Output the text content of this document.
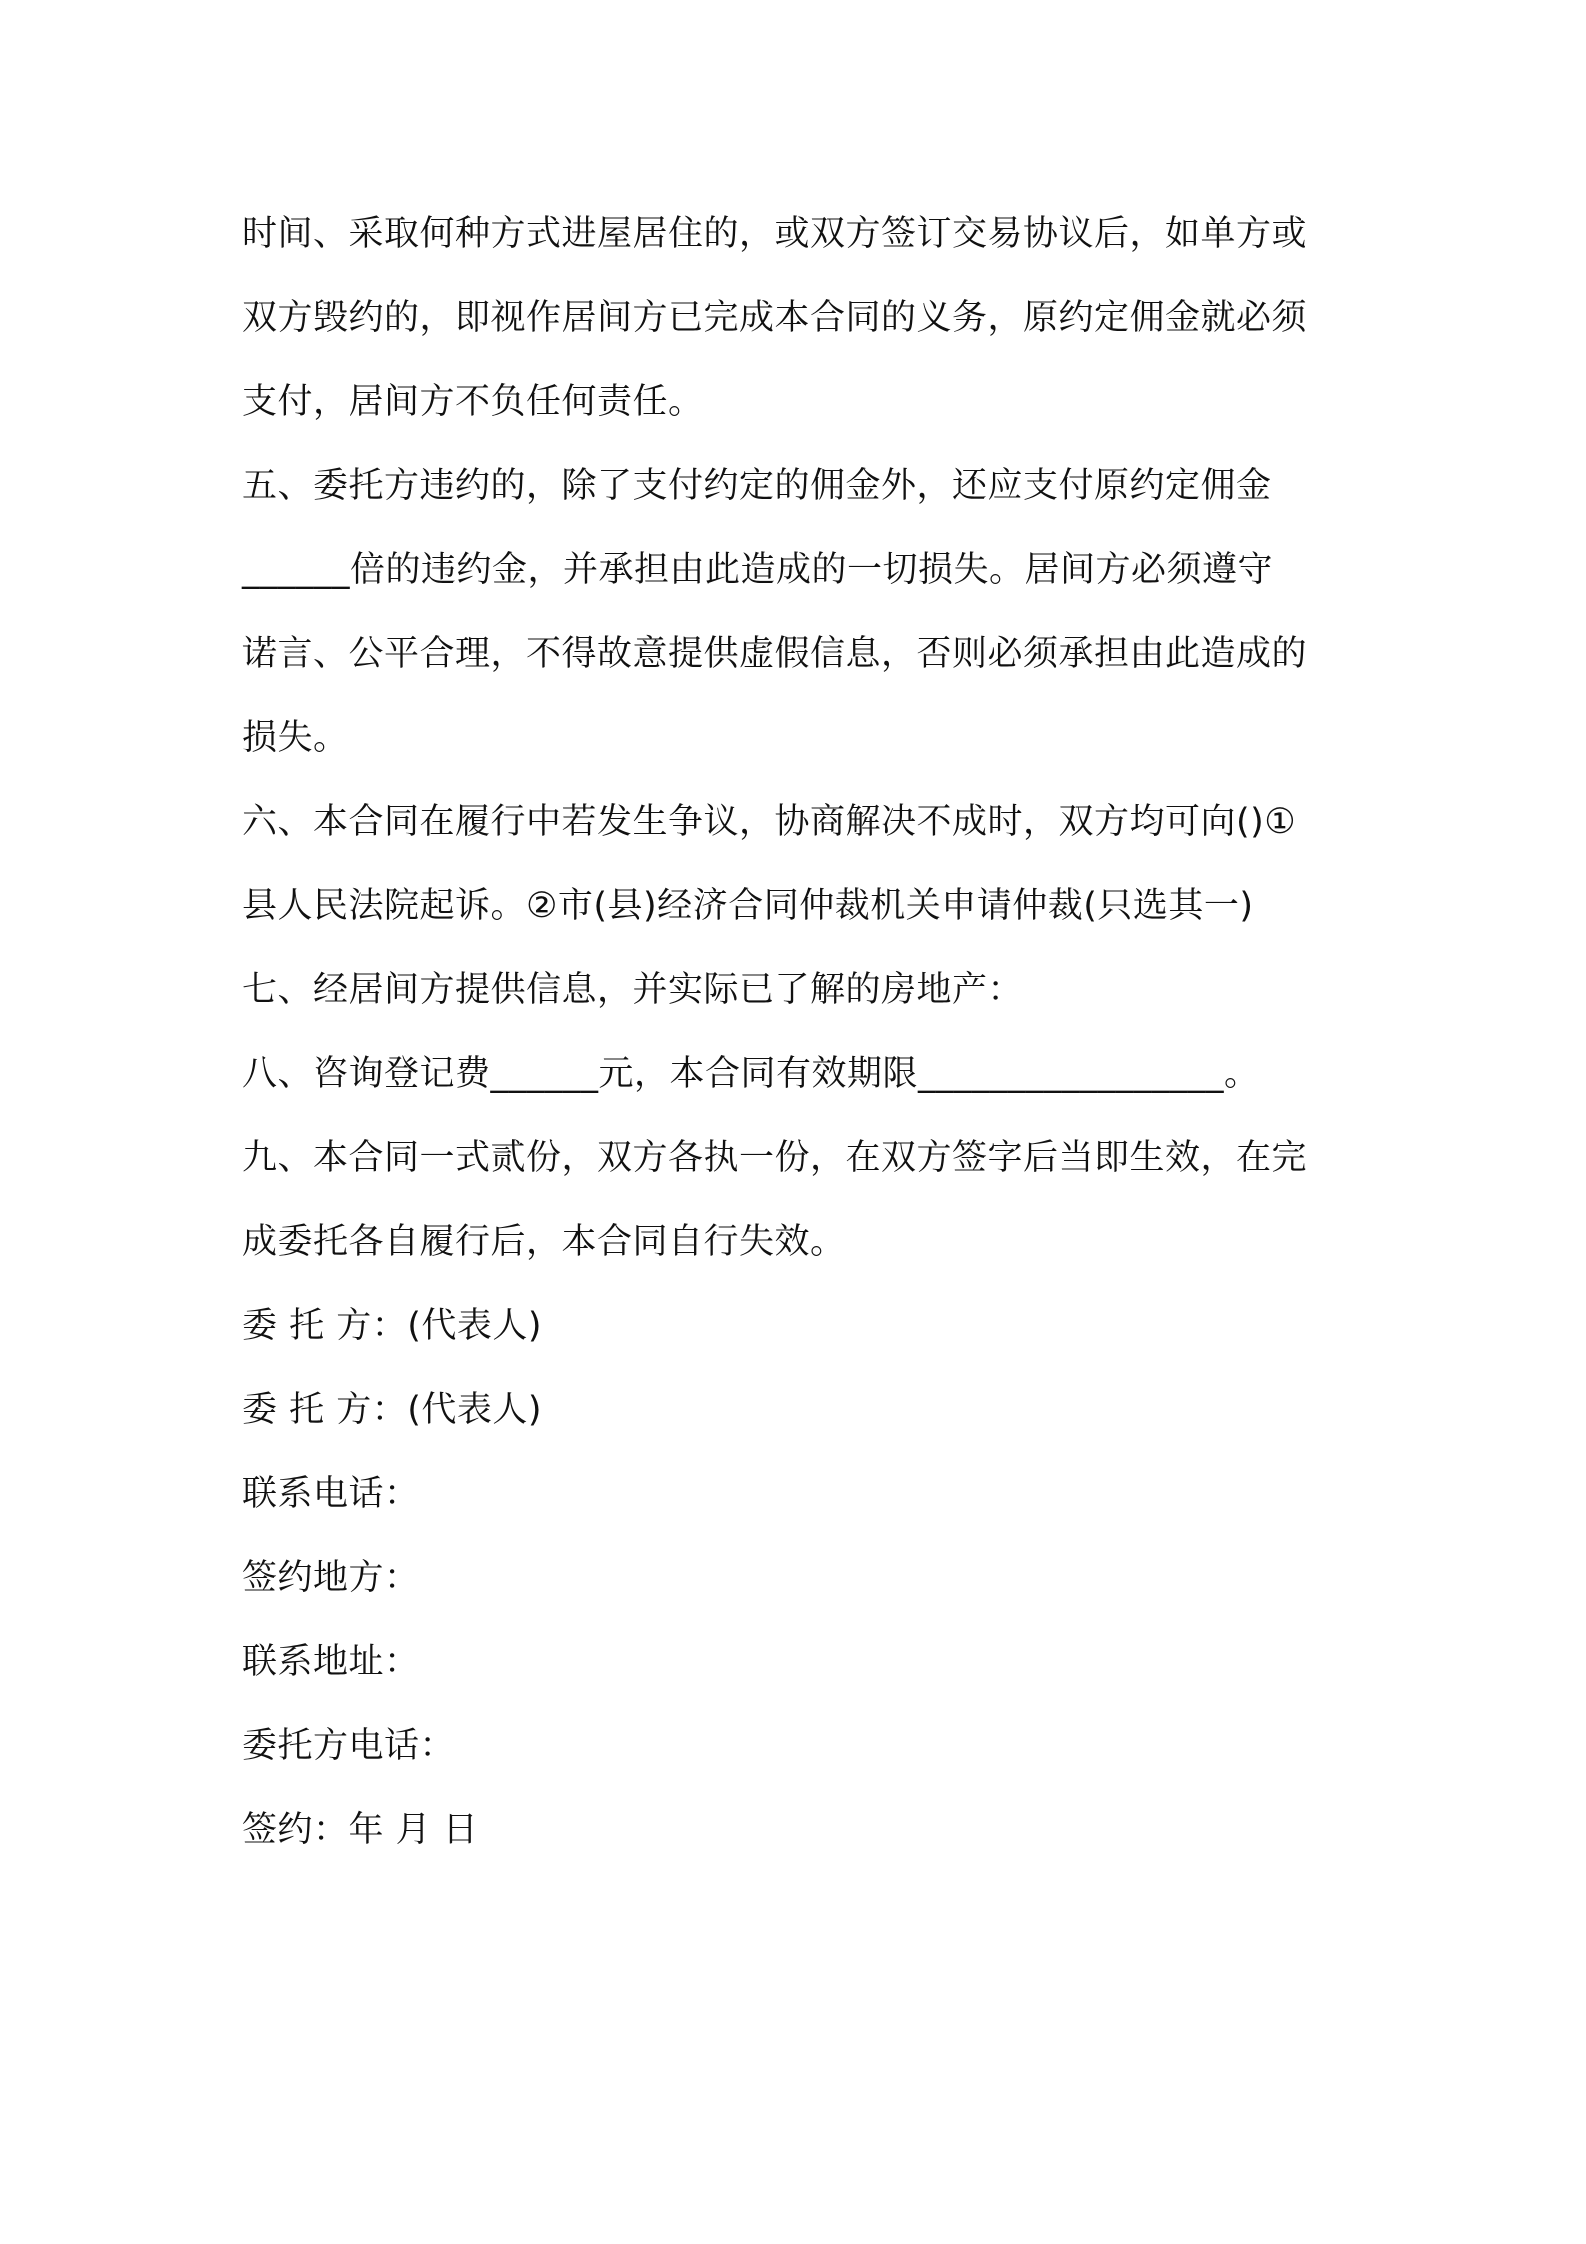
时间、采取何种方式进屋居住的，或双方签订交易协议后，如单方或
双方毁约的，即视作居间方已完成本合同的义务，原约定佣金就必须
支付，居间方不负任何责任。
五、委托方违约的，除了支付约定的佣金外，还应支付原约定佣金
______倍的违约金，并承担由此造成的一切损失。居间方必须遵守
诺言、公平合理，不得故意提供虚假信息，否则必须承担由此造成的
损失。
六、本合同在履行中若发生争议，协商解决不成时，双方均可向()①
县人民法院起诉。②市(县)经济合同仲裁机关申请仲裁(只选其一)
七、经居间方提供信息，并实际已了解的房地产：
八、咨询登记费______元，本合同有效期限_________________。
九、本合同一式贰份，双方各执一份，在双方签字后当即生效，在完
成委托各自履行后，本合同自行失效。
委 托 方：(代表人)
委 托 方：(代表人)
联系电话：
签约地方：
联系地址：
委托方电话：
签约：年 月 日
